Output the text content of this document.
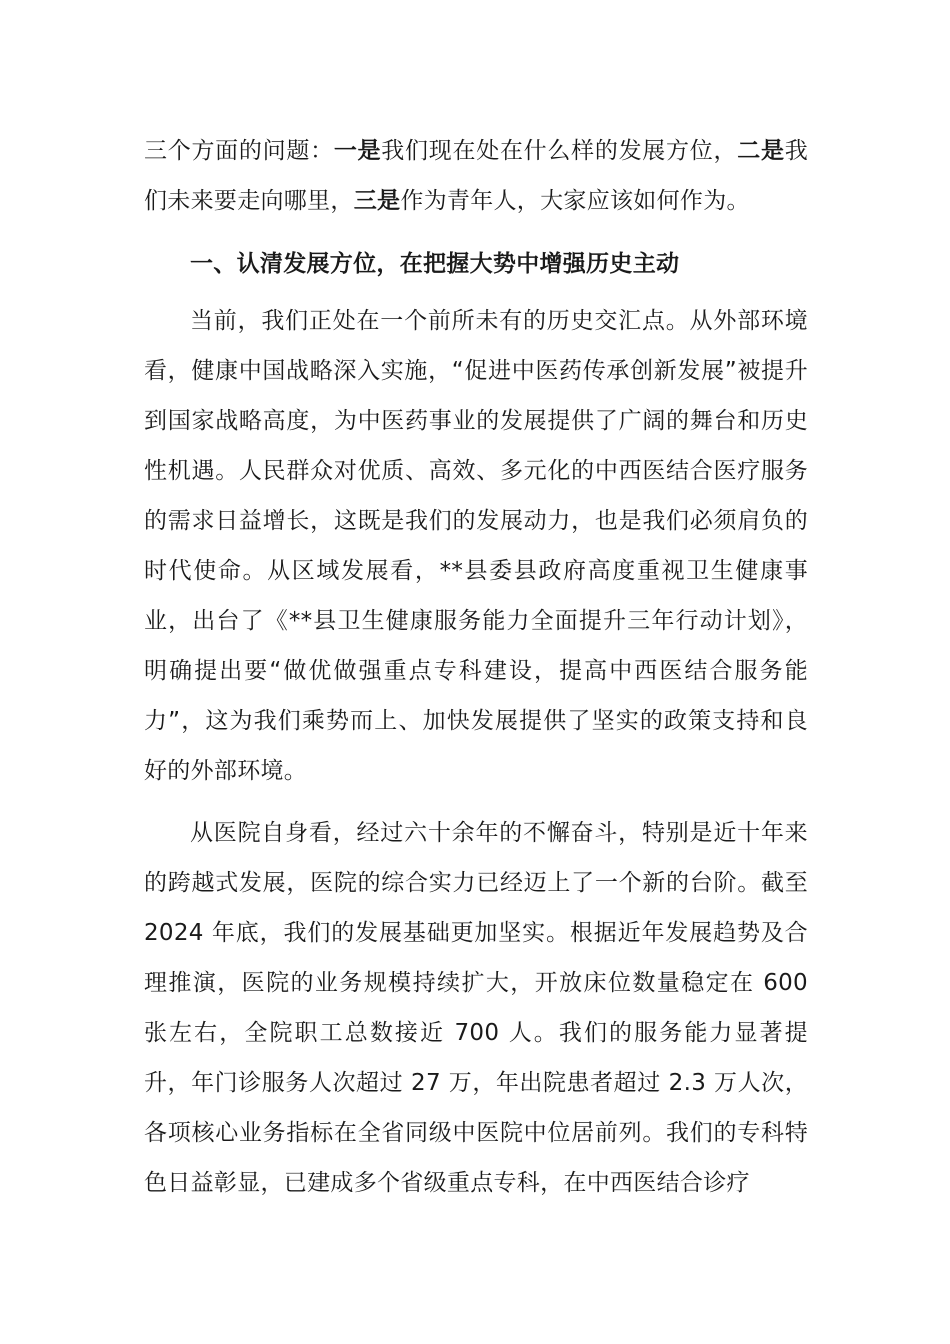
三个方面的问题：一是我们现在处在什么样的发展方位，二是我们未来要走向哪里，三是作为青年人，大家应该如何作为。

一、认清发展方位，在把握大势中增强历史主动

当前，我们正处在一个前所未有的历史交汇点。从外部环境看，健康中国战略深入实施，“促进中医药传承创新发展”被提升到国家战略高度，为中医药事业的发展提供了广阔的舞台和历史性机遇。人民群众对优质、高效、多元化的中西医结合医疗服务的需求日益增长，这既是我们的发展动力，也是我们必须肩负的时代使命。从区域发展看，**县委县政府高度重视卫生健康事业，出台了《**县卫生健康服务能力全面提升三年行动计划》，明确提出要“做优做强重点专科建设，提高中西医结合服务能力”，这为我们乘势而上、加快发展提供了坚实的政策支持和良好的外部环境。

从医院自身看，经过六十余年的不懈奋斗，特别是近十年来的跨越式发展，医院的综合实力已经迈上了一个新的台阶。截至 2024 年底，我们的发展基础更加坚实。根据近年发展趋势及合理推演，医院的业务规模持续扩大，开放床位数量稳定在 600 张左右，全院职工总数接近 700 人。我们的服务能力显著提升，年门诊服务人次超过 27 万，年出院患者超过 2.3 万人次，各项核心业务指标在全省同级中医院中位居前列。我们的专科特色日益彰显，已建成多个省级重点专科，在中西医结合诊疗
